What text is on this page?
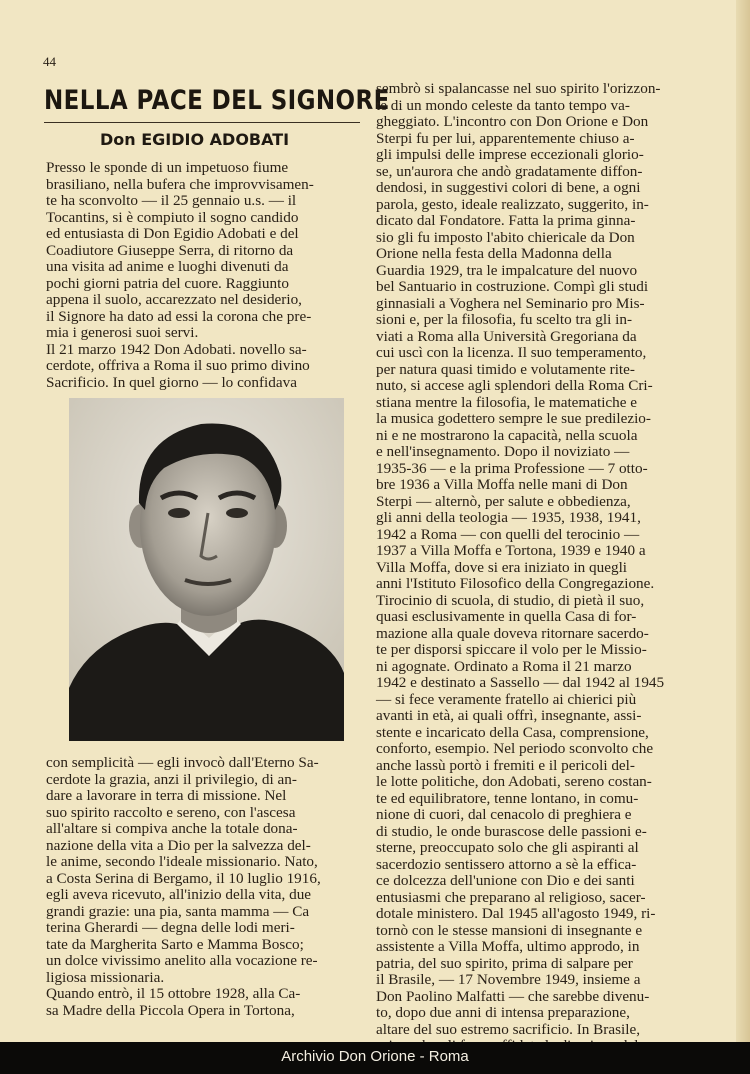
44
NELLA PACE DEL SIGNORE
Don EGIDIO ADOBATI
Presso le sponde di un impetuoso fiume
brasiliano, nella bufera che improvvisamen-
te ha sconvolto — il 25 gennaio u.s. — il
Tocantins, si è compiuto il sogno candido
ed entusiasta di Don Egidio Adobati e del
Coadiutore Giuseppe Serra, di ritorno da
una visita ad anime e luoghi divenuti da
pochi giorni patria del cuore. Raggiunto
appena il suolo, accarezzato nel desiderio,
il Signore ha dato ad essi la corona che pre-
mia i generosi suoi servi.
Il 21 marzo 1942 Don Adobati. novello sa-
cerdote, offriva a Roma il suo primo divino
Sacrificio. In quel giorno — lo confidava
con semplicità — egli invocò dall'Eterno Sa-
cerdote la grazia, anzi il privilegio, di an-
dare a lavorare in terra di missione. Nel
suo spirito raccolto e sereno, con l'ascesa
all'altare si compiva anche la totale dona-
nazione della vita a Dio per la salvezza del-
le anime, secondo l'ideale missionario. Nato,
a Costa Serina di Bergamo, il 10 luglio 1916,
egli aveva ricevuto, all'inizio della vita, due
grandi grazie: una pia, santa mamma — Ca
terina Gherardi — degna delle lodi meri-
tate da Margherita Sarto e Mamma Bosco;
un dolce vivissimo anelito alla vocazione re-
ligiosa missionaria.
Quando entrò, il 15 ottobre 1928, alla Ca-
sa Madre della Piccola Opera in Tortona,
sembrò si spalancasse nel suo spirito l'orizzon-
te di un mondo celeste da tanto tempo va-
gheggiato. L'incontro con Don Orione e Don
Sterpi fu per lui, apparentemente chiuso a-
gli impulsi delle imprese eccezionali glorio-
se, un'aurora che andò gradatamente diffon-
dendosi, in suggestivi colori di bene, a ogni
parola, gesto, ideale realizzato, suggerito, in-
dicato dal Fondatore. Fatta la prima ginna-
sio gli fu imposto l'abito chiericale da Don
Orione nella festa della Madonna della
Guardia 1929, tra le impalcature del nuovo
bel Santuario in costruzione. Compì gli studi
ginnasiali a Voghera nel Seminario pro Mis-
sioni e, per la filosofia, fu scelto tra gli in-
viati a Roma alla Università Gregoriana da
cui uscì con la licenza. Il suo temperamento,
per natura quasi timido e volutamente rite-
nuto, si accese agli splendori della Roma Cri-
stiana mentre la filosofia, le matematiche e
la musica godettero sempre le sue predilezio-
ni e ne mostrarono la capacità, nella scuola
e nell'insegnamento. Dopo il noviziato —
1935-36 — e la prima Professione — 7 otto-
bre 1936 a Villa Moffa nelle mani di Don
Sterpi — alternò, per salute e obbedienza,
gli anni della teologia — 1935, 1938, 1941,
1942 a Roma — con quelli del terocinio —
1937 a Villa Moffa e Tortona, 1939 e 1940 a
Villa Moffa, dove si era iniziato in quegli
anni l'Istituto Filosofico della Congregazione.
Tirocinio di scuola, di studio, di pietà il suo,
quasi esclusivamente in quella Casa di for-
mazione alla quale doveva ritornare sacerdo-
te per disporsi spiccare il volo per le Missio-
ni agognate. Ordinato a Roma il 21 marzo
1942 e destinato a Sassello — dal 1942 al 1945
— si fece veramente fratello ai chierici più
avanti in età, ai quali offrì, insegnante, assi-
stente e incaricato della Casa, comprensione,
conforto, esempio. Nel periodo sconvolto che
anche lassù portò i fremiti e il pericoli del-
le lotte politiche, don Adobati, sereno costan-
te ed equilibratore, tenne lontano, in comu-
nione di cuori, dal cenacolo di preghiera e
di studio, le onde burascose delle passioni e-
sterne, preoccupato solo che gli aspiranti al
sacerdozio sentissero attorno a sè la effica-
ce dolcezza dell'unione con Dio e dei santi
entusiasmi che preparano al religioso, sacer-
dotale ministero. Dal 1945 all'agosto 1949, ri-
tornò con le stesse mansioni di insegnante e
assistente a Villa Moffa, ultimo approdo, in
patria, del suo spirito, prima di salpare per
il Brasile, — 17 Novembre 1949, insieme a
Don Paolino Malfatti — che sarebbe divenu-
to, dopo due anni di intensa preparazione,
altare del suo estremo sacrificio. In Brasile,
Archivio Don Orione - Roma
